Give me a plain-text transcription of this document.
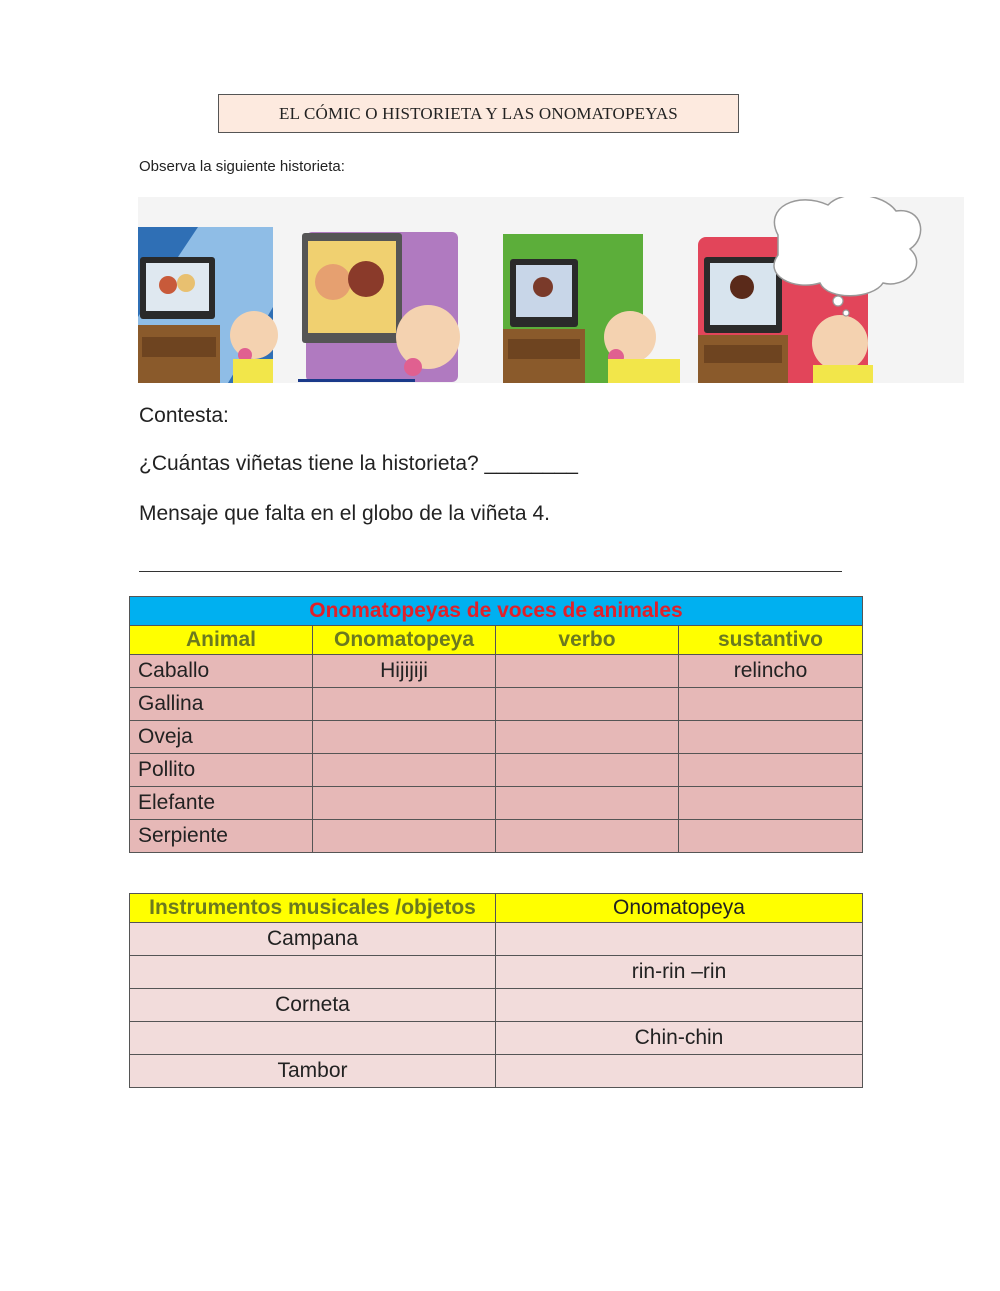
EL CÓMIC O HISTORIETA Y LAS ONOMATOPEYAS
Observa la siguiente historieta:
Contesta:
¿Cuántas viñetas tiene la historieta? ________
Mensaje que falta en el globo de la viñeta 4.
Onomatopeyas de voces de animales			
Animal	Onomatopeya	verbo	sustantivo
Caballo	Hijijiji		relincho
Gallina			
Oveja			
Pollito			
Elefante			
Serpiente			
Instrumentos musicales /objetos	Onomatopeya
Campana	
	rin-rin –rin
Corneta	
	Chin-chin
Tambor	
